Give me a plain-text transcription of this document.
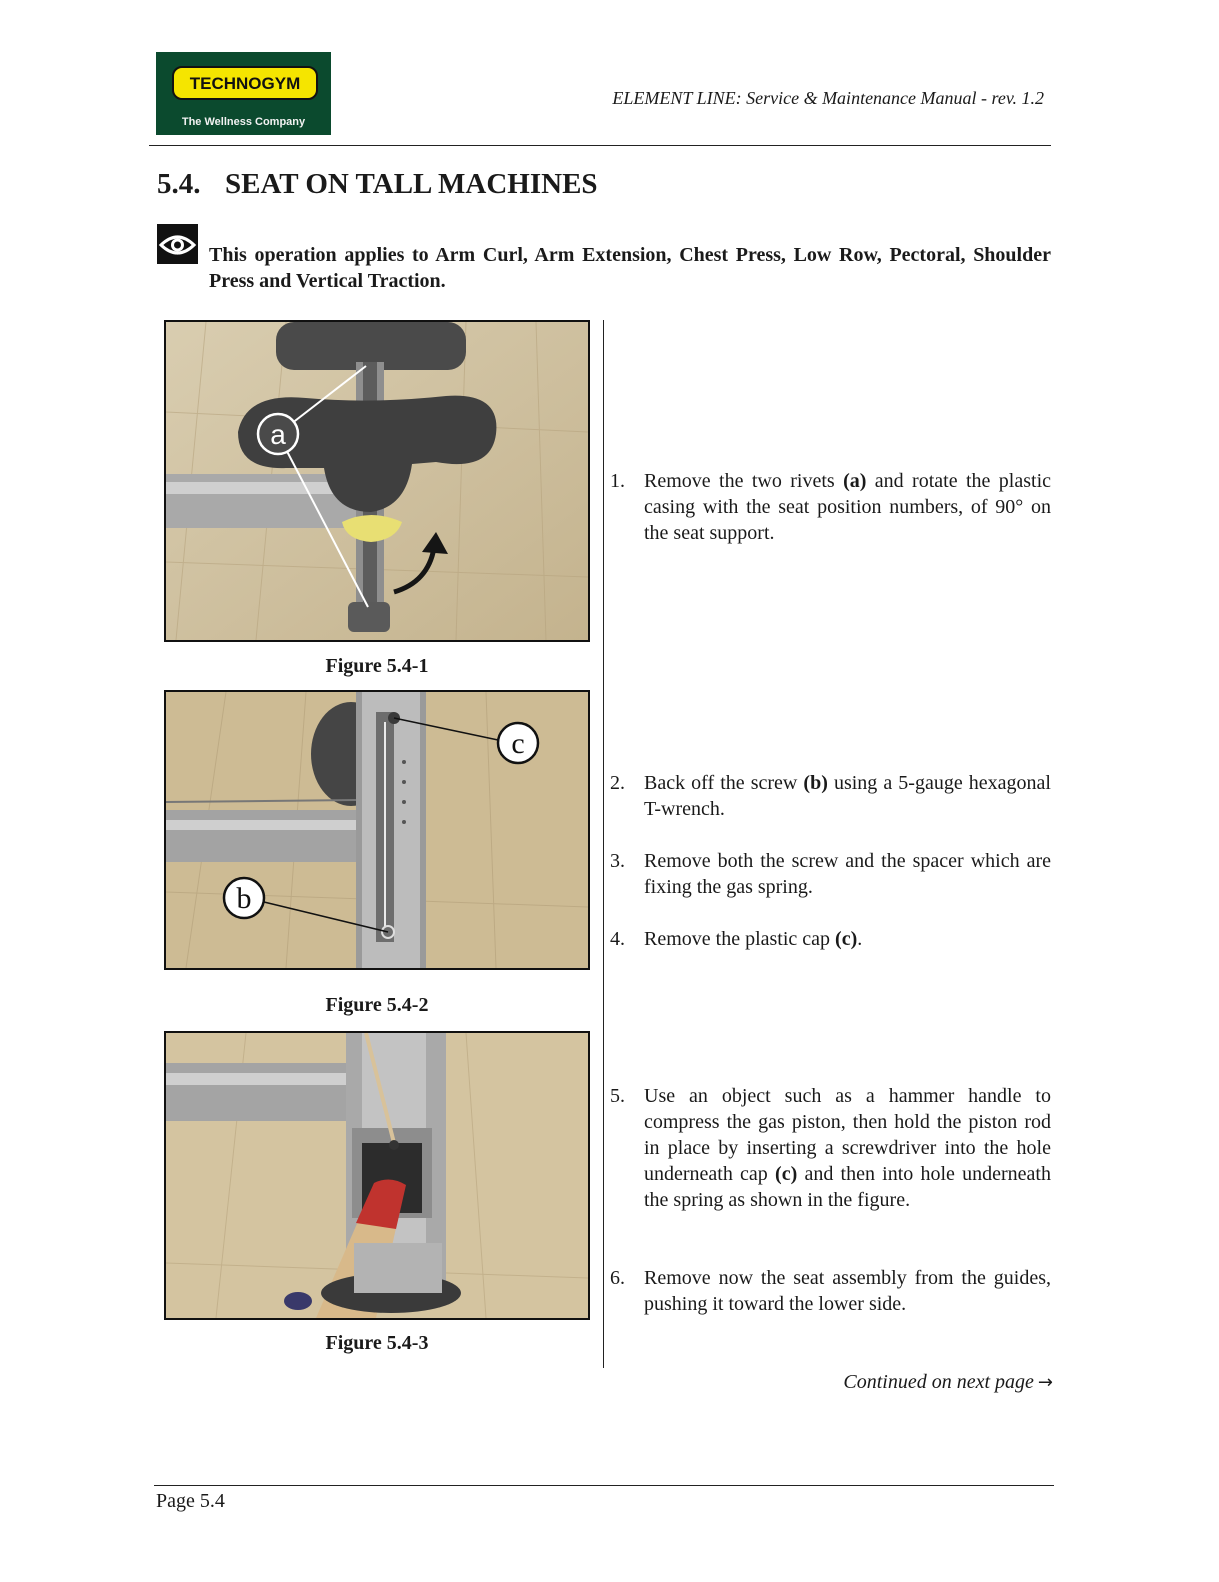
TECHNOGYM
The Wellness Company
ELEMENT LINE: Service & Maintenance Manual - rev. 1.2
5.4. SEAT ON TALL MACHINES

This operation applies to Arm Curl, Arm Extension, Chest Press, Low Row, Pectoral, Shoulder Press and Vertical Traction.

a
Figure 5.4-1
c
b
Figure 5.4-2
Figure 5.4-3
1. Remove the two rivets (a) and rotate the plastic casing with the seat position numbers, of 90° on the seat support.
2. Back off the screw (b) using a 5-gauge hexagonal T-wrench.
3. Remove both the screw and the spacer which are fixing the gas spring.
4. Remove the plastic cap (c).
5. Use an object such as a hammer handle to compress the gas piston, then hold the piston rod in place by inserting a screwdriver into the hole underneath cap (c) and then into hole underneath the spring as shown in the figure.
6. Remove now the seat assembly from the guides, pushing it toward the lower side.
Continued on next page →
Page 5.4
